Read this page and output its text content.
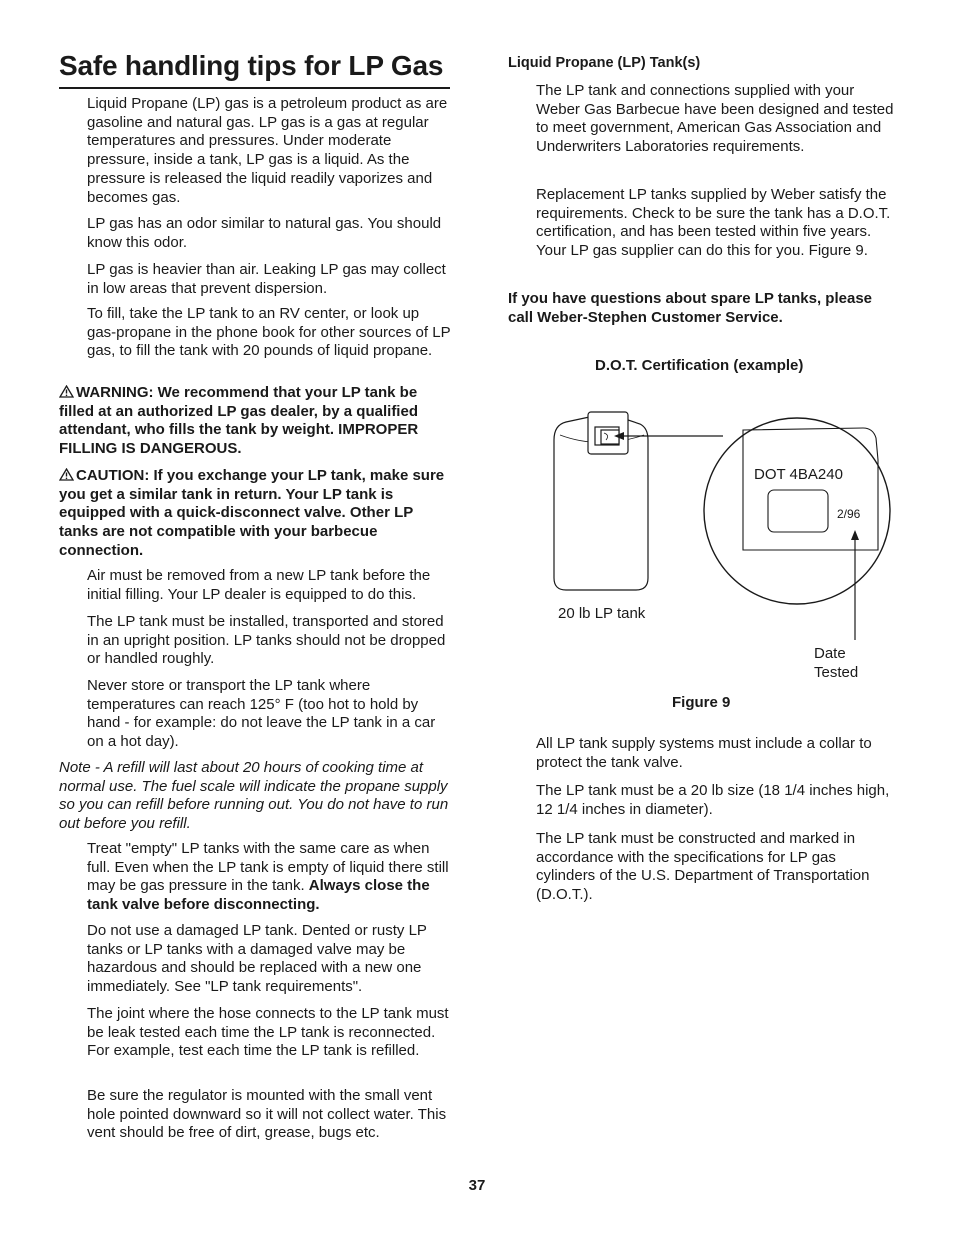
Safe handling tips for LP Gas

Liquid Propane (LP) gas is a petroleum product as are gasoline and natural gas. LP gas is a gas at regular temperatures and pressures. Under moderate pressure, inside a tank, LP gas is a liquid. As the pressure is released the liquid readily vaporizes and becomes gas.

LP gas has an odor similar to natural gas. You should know this odor.

LP gas is heavier than air. Leaking LP gas may collect in low areas that prevent dispersion.

To fill, take the LP tank to an RV center, or look up gas-propane in the phone book for other sources of LP gas, to fill the tank with 20 pounds of liquid propane.

WARNING: We recommend that your LP tank be filled at an authorized LP gas dealer, by a qualified attendant, who fills the tank by weight. IMPROPER FILLING IS DANGEROUS.

CAUTION: If you exchange your LP tank, make sure you get a similar tank in return. Your LP tank is equipped with a quick-disconnect valve. Other LP tanks are not compatible with your barbecue connection.

Air must be removed from a new LP tank before the initial filling. Your LP dealer is equipped to do this.

The LP tank must be installed, transported and stored in an upright position. LP tanks should not be dropped or handled roughly.

Never store or transport the LP tank where temperatures can reach 125° F (too hot to hold by hand - for example: do not leave the LP tank in a car on a hot day).

Note - A refill will last about 20 hours of cooking time at normal use. The fuel scale will indicate the propane supply so you can refill before running out. You do not have to run out before you refill.

Treat "empty" LP tanks with the same care as when full. Even when the LP tank is empty of liquid there still may be gas pressure in the tank. Always close the tank valve before disconnecting.

Do not use a damaged LP tank. Dented or rusty LP tanks or LP tanks with a damaged valve may be hazardous and should be replaced with a new one immediately. See "LP tank requirements".

The joint where the hose connects to the LP tank must be leak tested each time the LP tank is reconnected. For example, test each time the LP tank is refilled.

Be sure the regulator is mounted with the small vent hole pointed downward so it will not collect water. This vent should be free of dirt, grease, bugs etc.

Liquid Propane (LP) Tank(s)

The LP tank and connections supplied with your Weber Gas Barbecue have been designed and tested to meet government, American Gas Association and Underwriters Laboratories requirements.

Replacement LP tanks supplied by Weber satisfy the requirements. Check to be sure the tank has a D.O.T. certification, and has been tested within five years. Your LP gas supplier can do this for you. Figure 9.

If you have questions about spare LP tanks, please call Weber-Stephen Customer Service.

D.O.T. Certification (example)

DOT 4BA240
2/96
20 lb LP tank
Date Tested
Figure 9

All LP tank supply systems must include a collar to protect the tank valve.

The LP tank must be a 20 lb size (18 1/4 inches high, 12 1/4 inches in diameter).

The LP tank must be constructed and marked in accordance with the specifications for LP gas cylinders of the U.S. Department of Transportation (D.O.T.).

37
